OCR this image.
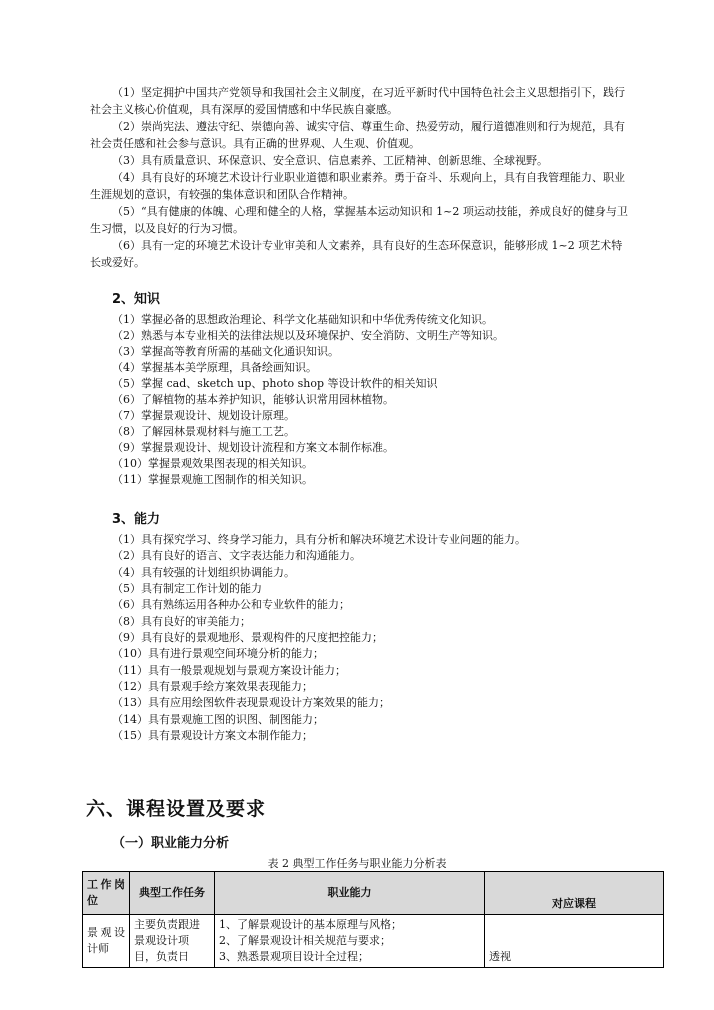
（1）坚定拥护中国共产党领导和我国社会主义制度，在习近平新时代中国特色社会主义思想指引下，践行社会主义核心价值观，具有深厚的爱国情感和中华民族自豪感。
（2）崇尚宪法、遵法守纪、崇德向善、诚实守信、尊重生命、热爱劳动，履行道德准则和行为规范，具有社会责任感和社会参与意识。具有正确的世界观、人生观、价值观。
（3）具有质量意识、环保意识、安全意识、信息素养、工匠精神、创新思维、全球视野。
（4）具有良好的环境艺术设计行业职业道德和职业素养。勇于奋斗、乐观向上，具有自我管理能力、职业生涯规划的意识，有较强的集体意识和团队合作精神。
（5）“具有健康的体魄、心理和健全的人格，掌握基本运动知识和 1~2 项运动技能，养成良好的健身与卫生习惯，以及良好的行为习惯。
（6）具有一定的环境艺术设计专业审美和人文素养，具有良好的生态环保意识，能够形成 1~2 项艺术特长或爱好。
2、知识
（1）掌握必备的思想政治理论、科学文化基础知识和中华优秀传统文化知识。
（2）熟悉与本专业相关的法律法规以及环境保护、安全消防、文明生产等知识。
（3）掌握高等教育所需的基础文化通识知识。
（4）掌握基本美学原理，具备绘画知识。
（5）掌握 cad、sketch up、photo shop 等设计软件的相关知识
（6）了解植物的基本养护知识，能够认识常用园林植物。
（7）掌握景观设计、规划设计原理。
（8）了解园林景观材料与施工工艺。
（9）掌握景观设计、规划设计流程和方案文本制作标准。
（10）掌握景观效果图表现的相关知识。
（11）掌握景观施工图制作的相关知识。
3、能力
（1）具有探究学习、终身学习能力，具有分析和解决环境艺术设计专业问题的能力。
（2）具有良好的语言、文字表达能力和沟通能力。
（4）具有较强的计划组织协调能力。
（5）具有制定工作计划的能力
（6）具有熟练运用各种办公和专业软件的能力；
（8）具有良好的审美能力；
（9）具有良好的景观地形、景观构件的尺度把控能力；
（10）具有进行景观空间环境分析的能力；
（11）具有一般景观规划与景观方案设计能力；
（12）具有景观手绘方案效果表现能力；
（13）具有应用绘图软件表现景观设计方案效果的能力；
（14）具有景观施工图的识图、制图能力；
（15）具有景观设计方案文本制作能力；
六、课程设置及要求
（一）职业能力分析
表 2 典型工作任务与职业能力分析表
工作岗位	典型工作任务	职业能力	对应课程
景观设计师	主要负责跟进景观设计项目，负责日	1、了解景观设计的基本原理与风格；
2、了解景观设计相关规范与要求；
3、熟悉景观项目设计全过程；	透视
